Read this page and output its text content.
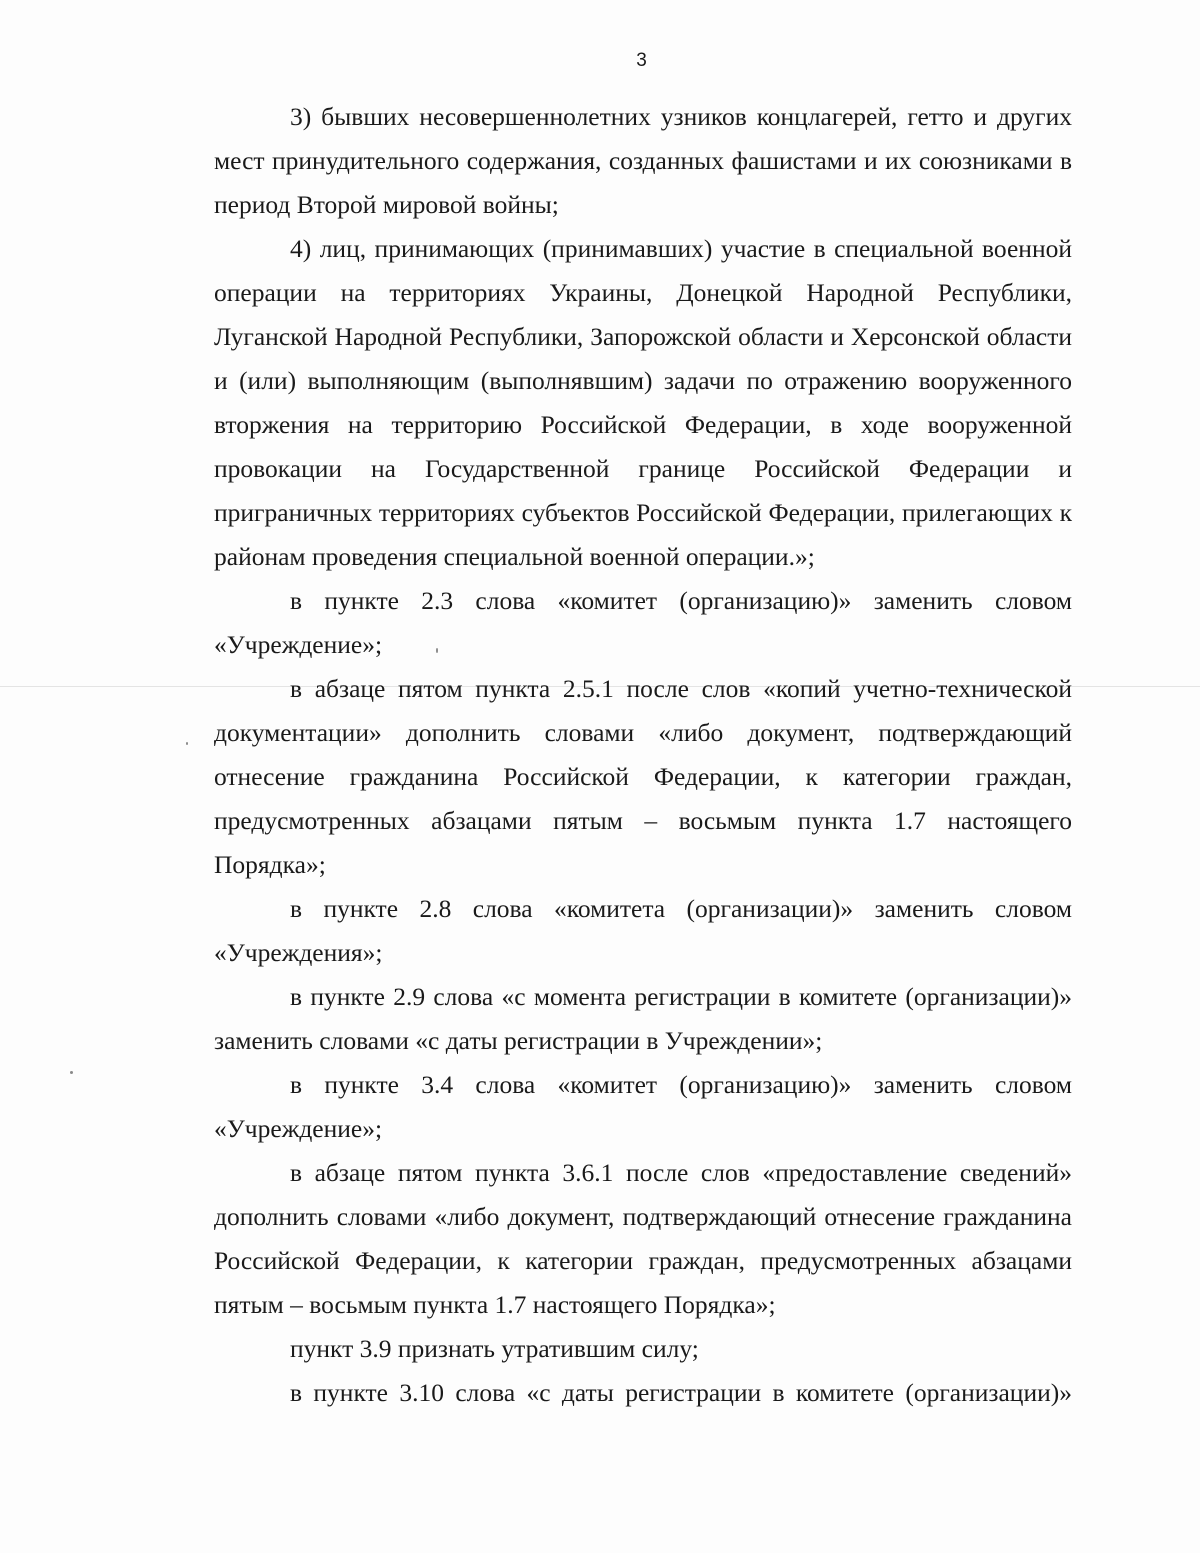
3

3) бывших несовершеннолетних узников концлагерей, гетто и других мест принудительного содержания, созданных фашистами и их союзниками в период Второй мировой войны;

4) лиц, принимающих (принимавших) участие в специальной военной операции на территориях Украины, Донецкой Народной Республики, Луганской Народной Республики, Запорожской области и Херсонской области и (или) выполняющим (выполнявшим) задачи по отражению вооруженного вторжения на территорию Российской Федерации, в ходе вооруженной провокации на Государственной границе Российской Федерации и приграничных территориях субъектов Российской Федерации, прилегающих к районам проведения специальной военной операции.»;

в пункте 2.3 слова «комитет (организацию)» заменить словом «Учреждение»;

в абзаце пятом пункта 2.5.1 после слов «копий учетно-технической документации» дополнить словами «либо документ, подтверждающий отнесение гражданина Российской Федерации, к категории граждан, предусмотренных абзацами пятым – восьмым пункта 1.7 настоящего Порядка»;

в пункте 2.8 слова «комитета (организации)» заменить словом «Учреждения»;

в пункте 2.9 слова «с момента регистрации в комитете (организации)» заменить словами «с даты регистрации в Учреждении»;

в пункте 3.4 слова «комитет (организацию)» заменить словом «Учреждение»;

в абзаце пятом пункта 3.6.1 после слов «предоставление сведений» дополнить словами «либо документ, подтверждающий отнесение гражданина Российской Федерации, к категории граждан, предусмотренных абзацами пятым – восьмым пункта 1.7 настоящего Порядка»;

пункт 3.9 признать утратившим силу;

в пункте 3.10 слова «с даты регистрации в комитете (организации)»
